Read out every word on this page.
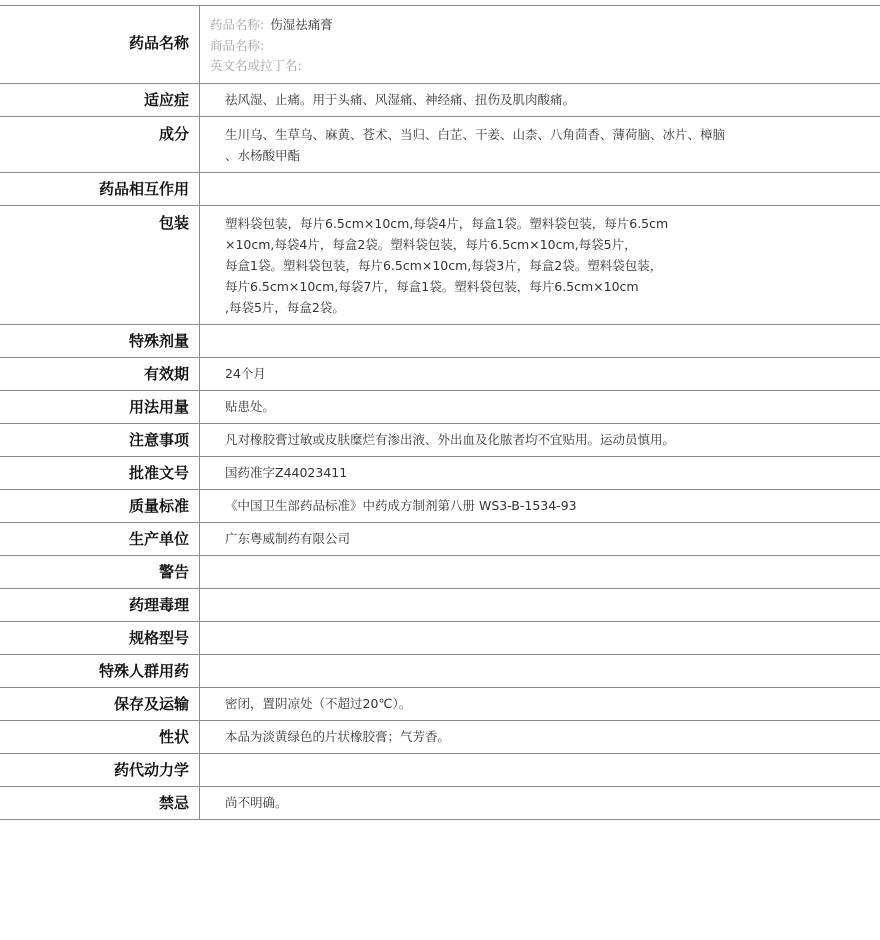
药品名称

药品名称: 伤湿祛痛膏

商品名称:

英文名或拉丁名:

适应症	祛风湿、止痛。用于头痛、风湿痛、神经痛、扭伤及肌肉酸痛。

成分	生川乌、生草乌、麻黄、苍术、当归、白芷、干姜、山柰、八角茴香、薄荷脑、冰片、樟脑

、水杨酸甲酯

药品相互作用
包装	塑料袋包装，每片6.5cm×10cm,每袋4片，每盒1袋。塑料袋包装，每片6.5cm

×10cm,每袋4片，每盒2袋。塑料袋包装，每片6.5cm×10cm,每袋5片，

每盒1袋。塑料袋包装，每片6.5cm×10cm,每袋3片，每盒2袋。塑料袋包装，

每片6.5cm×10cm,每袋7片，每盒1袋。塑料袋包装，每片6.5cm×10cm

,每袋5片，每盒2袋。

特殊剂量
有效期	24个月

用法用量	贴患处。

注意事项	凡对橡胶膏过敏或皮肤糜烂有渗出液、外出血及化脓者均不宜贴用。运动员慎用。

批准文号	国药准字Z44023411

质量标准	《中国卫生部药品标准》中药成方制剂第八册 WS3-B-1534-93

生产单位	广东粤威制药有限公司

警告
药理毒理
规格型号
特殊人群用药
保存及运输	密闭，置阴凉处（不超过20℃）。

性状	本品为淡黄绿色的片状橡胶膏；气芳香。

药代动力学
禁忌	尚不明确。
